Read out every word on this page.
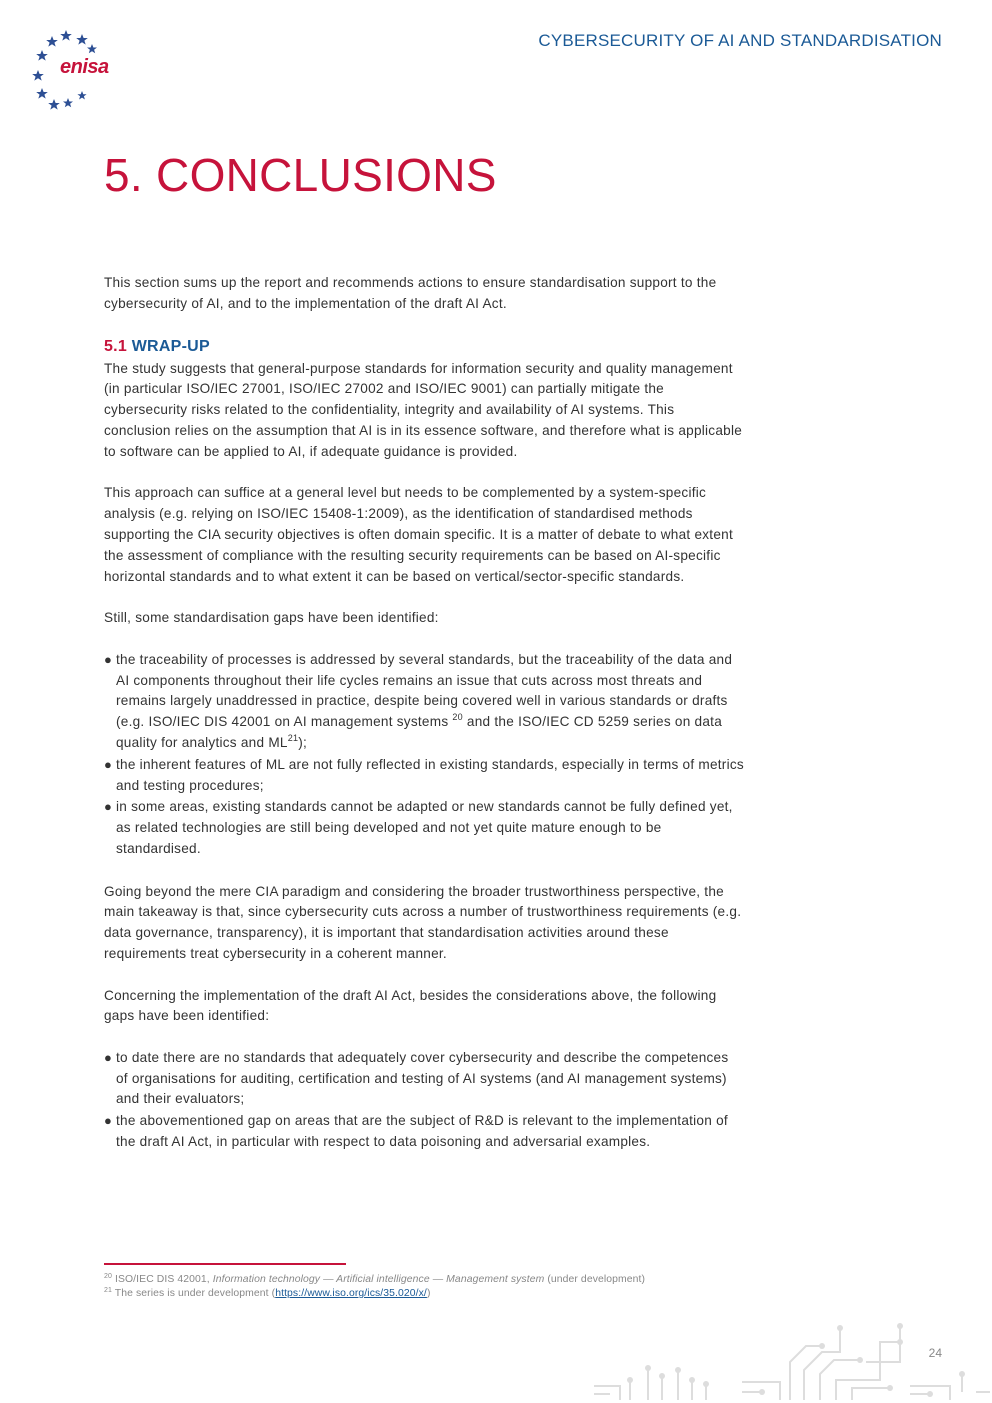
enisa
CYBERSECURITY OF AI AND STANDARDISATION
5. CONCLUSIONS

This section sums up the report and recommends actions to ensure standardisation support to the cybersecurity of AI, and to the implementation of the draft AI Act.

5.1 WRAP-UP

The study suggests that general-purpose standards for information security and quality management (in particular ISO/IEC 27001, ISO/IEC 27002 and ISO/IEC 9001) can partially mitigate the cybersecurity risks related to the confidentiality, integrity and availability of AI systems. This conclusion relies on the assumption that AI is in its essence software, and therefore what is applicable to software can be applied to AI, if adequate guidance is provided.

This approach can suffice at a general level but needs to be complemented by a system-specific analysis (e.g. relying on ISO/IEC 15408-1:2009), as the identification of standardised methods supporting the CIA security objectives is often domain specific. It is a matter of debate to what extent the assessment of compliance with the resulting security requirements can be based on AI-specific horizontal standards and to what extent it can be based on vertical/sector-specific standards.

Still, some standardisation gaps have been identified:

● the traceability of processes is addressed by several standards, but the traceability of the data and AI components throughout their life cycles remains an issue that cuts across most threats and remains largely unaddressed in practice, despite being covered well in various standards or drafts (e.g. ISO/IEC DIS 42001 on AI management systems $^{20}$ and the ISO/IEC CD 5259 series on data quality for analytics and ML$^{21}$);
● the inherent features of ML are not fully reflected in existing standards, especially in terms of metrics and testing procedures;
● in some areas, existing standards cannot be adapted or new standards cannot be fully defined yet, as related technologies are still being developed and not yet quite mature enough to be standardised.

Going beyond the mere CIA paradigm and considering the broader trustworthiness perspective, the main takeaway is that, since cybersecurity cuts across a number of trustworthiness requirements (e.g. data governance, transparency), it is important that standardisation activities around these requirements treat cybersecurity in a coherent manner.

Concerning the implementation of the draft AI Act, besides the considerations above, the following gaps have been identified:

● to date there are no standards that adequately cover cybersecurity and describe the competences of organisations for auditing, certification and testing of AI systems (and AI management systems) and their evaluators;
● the abovementioned gap on areas that are the subject of R&D is relevant to the implementation of the draft AI Act, in particular with respect to data poisoning and adversarial examples.

$^{20}$ ISO/IEC DIS 42001, Information technology — Artificial intelligence — Management system (under development)

$^{21}$ The series is under development (https://www.iso.org/ics/35.020/x/)

24
